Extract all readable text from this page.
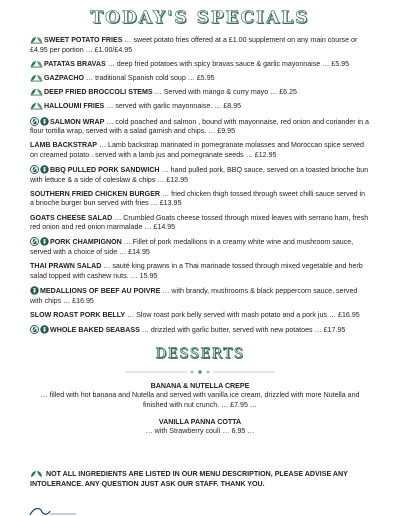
TODAY'S SPECIALS
SWEET POTATO FRIES … sweet potato fries offered at a £1.00 supplement on any main course or £4.95 per portion … £1.00/£4.95
PATATAS BRAVAS … deep fried potatoes with spicy bravas sauce & garlic mayonnaise … £5.95
GAZPACHO … traditional Spanish cold soup … £5.95
DEEP FRIED BROCCOLI STEMS … Served with mango & curry mayo … £6.25
HALLOUMI FRIES … served with garlic mayonnaise. … £8.95
SALMON WRAP … cold poached and salmon , bound with mayonnaise, red onion and coriander in a flour tortilla wrap, served with a salad garnish and chips. … £9.95
LAMB BACKSTRAP … Lamb backstrap marinated in pomegranate molasses and Moroccan spice served on creamed potato . served with a lamb jus and pomegranate seeds … £12.95
BBQ PULLED PORK SANDWICH … hand pulled pork, BBQ sauce, served on a toasted brioche bun with lettuce & a side of coleslaw & chips … £12.95
SOUTHERN FRIED CHICKEN BURGER … fried chicken thigh tossed through sweet chilli sauce served in a brioche burger bun served with fries … £13.95
GOATS CHEESE SALAD … Crumbled Goats cheese tossed through mixed leaves with serrano ham, fresh red onion and red onion marmalade … £14.95
PORK CHAMPIGNON … Fillet of pork medallions in a creamy white wine and mushroom sauce, served with a choice of side … £14.95
THAI PRAWN SALAD … sauté king prawns in a Thai marinade tossed through mixed vegetable and herb salad topped with cashew nuts. … 15.95
MEDALLIONS OF BEEF AU POIVRE … with brandy, mushrooms & black peppercorn sauce, served with chips … £16.95
SLOW ROAST PORK BELLY … Slow roast pork belly served with mash potato and a pork jus … £16.95
WHOLE BAKED SEABASS … drizzled with garlic butter, served with new potatoes … £17.95
DESSERTS
BANANA & NUTELLA CREPE
… filled with hot banana and Nutella and served with vanilla ice cream, drizzled with more Nutella and finished with nut crunch. … £7.95 …
VANILLA PANNA COTTA
… with Strawberry coulì … 6.95 …
NOT ALL INGREDIENTS ARE LISTED IN OUR MENU DESCRIPTION, PLEASE ADVISE ANY INTOLERANCE. ANY QUESTION JUST ASK OUR STAFF. THANK YOU.
